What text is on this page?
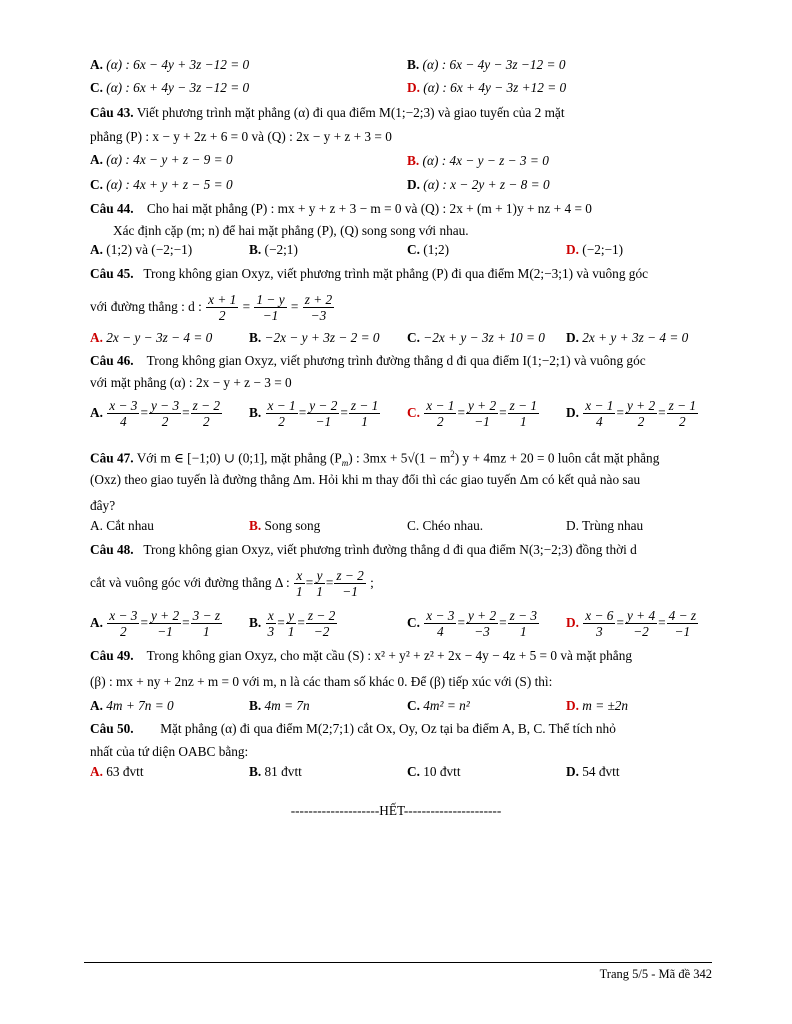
A. (α) : 6x − 4y + 3z −12 = 0	B. (α) : 6x − 4y − 3z −12 = 0
C. (α) : 6x + 4y − 3z −12 = 0	D. (α) : 6x + 4y − 3z +12 = 0
Câu 43. Viết phương trình mặt phẳng (α) đi qua điểm M(1;−2;3) và giao tuyến của 2 mặt
phẳng (P) : x − y + 2z + 6 = 0 và (Q) : 2x − y + z + 3 = 0
A. (α) : 4x − y + z − 9 = 0	B. (α) : 4x − y − z − 3 = 0
C. (α) : 4x + y + z − 5 = 0	D. (α) : x − 2y + z − 8 = 0
Câu 44. Cho hai mặt phẳng (P) : mx + y + z + 3 − m = 0 và (Q) : 2x + (m + 1)y + nz + 4 = 0
Xác định cặp (m; n) để hai mặt phẳng (P), (Q) song song với nhau.
A. (1;2) và (−2;−1)	B. (−2;1)	C. (1;2)	D. (−2;−1)
Câu 45. Trong không gian Oxyz, viết phương trình mặt phẳng (P) đi qua điểm M(2;−3;1) và vuông góc
với đường thẳng : d : $\frac{x + 1}{2} = \frac{1 - y}{-1} = \frac{z + 2}{-3}$
A. 2x − y − 3z − 4 = 0	B. −2x − y + 3z − 2 = 0 C. −2x + y − 3z + 10 = 0 D. 2x + y + 3z − 4 = 0
Câu 46. Trong không gian Oxyz, viết phương trình đường thẳng d đi qua điểm I(1;−2;1) và vuông góc
với mặt phẳng (α) : 2x − y + z − 3 = 0
A. $\frac{x - 3}{4} = \frac{y - 3}{2} = \frac{z - 2}{2} B$. $\frac{x - 1}{2} = \frac{y - 2}{-1} = \frac{z - 1}{1} C$. $\frac{x - 1}{2} = \frac{y + 2}{-1} = \frac{z - 1}{1} D$. $\frac{x - 1}{4} = \frac{y + 2}{2} = \frac{z - 1}{2}$
Câu 47. Với m ∈ [−1;0) ∪ (0;1], mặt phẳng $(P_m)$ : $3mx + 5√(1 - m^2)$ y + 4mz + 20 = 0 luôn cắt mặt phẳng
(Oxz) theo giao tuyến là đường thẳng Δm. Hỏi khi m thay đổi thì các giao tuyến Δm có kết quả nào sau
đây?
A. Cắt nhau	B. Song song	C. Chéo nhau.	D. Trùng nhau
Câu 48. Trong không gian Oxyz, viết phương trình đường thẳng d đi qua điểm N(3;−2;3) đồng thời d
cắt và vuông góc với đường thẳng Δ : $\frac{x}{1} = \frac{y}{1} = \frac{z - 2}{-1}$ ;
A. $\frac{x - 3}{2} = \frac{y + 2}{-1} = \frac{3 - z}{1} B$. $\frac{x}{3} = \frac{y}{1} = \frac{z - 2}{-2}$	C. $\frac{x - 3}{4} = \frac{y + 2}{-3} = \frac{z - 3}{1} D$. $\frac{x - 6}{3} = \frac{y + 4}{-2} = \frac{4 - z}{-1}$
Câu 49. Trong không gian Oxyz, cho mặt cầu (S) : x² + y² + z² + 2x − 4y − 4z + 5 = 0 và mặt phẳng
(β) : mx + ny + 2nz + m = 0 với m, n là các tham số khác 0. Để (β) tiếp xúc với (S) thì:
A. 4m + 7n = 0	B. 4m = 7n	C. 4m² = n²	D. m = ±2n
Câu 50. Mặt phẳng (α) đi qua điểm M(2;7;1) cắt Ox, Oy, Oz tại ba điểm A, B, C. Thể tích nhỏ
nhất của tứ diện OABC bằng:
A. 63 đvtt	B. 81 đvtt	C. 10 đvtt	D. 54 đvtt
--------------------HẾT----------------------
Trang 5/5 - Mã đề 342
